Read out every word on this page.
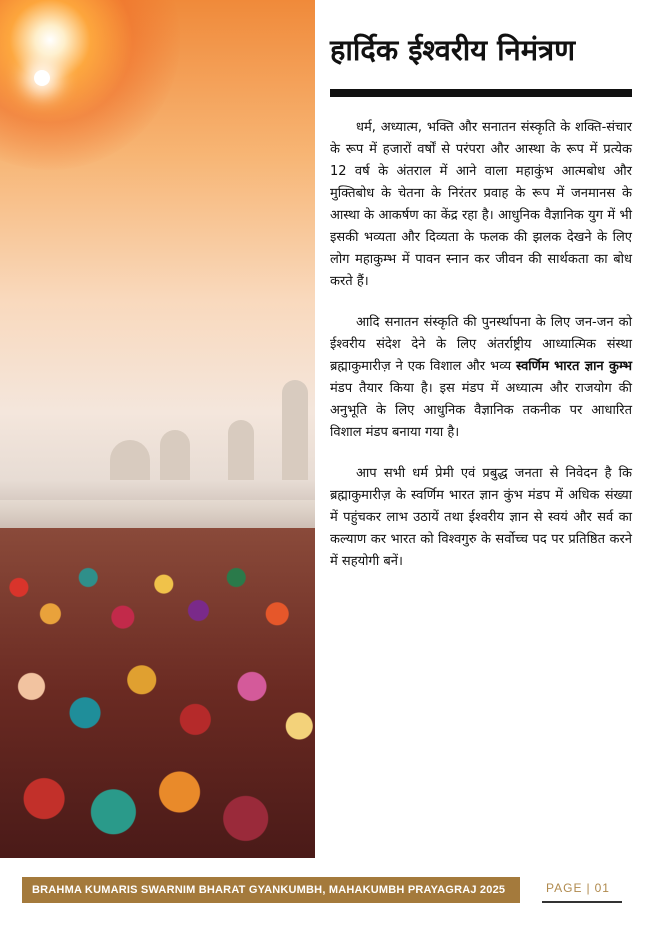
हार्दिक ईश्वरीय निमंत्रण

धर्म, अध्यात्म, भक्ति और सनातन संस्कृति के शक्ति-संचार के रूप में हजारों वर्षों से परंपरा और आस्था के रूप में प्रत्येक 12 वर्ष के अंतराल में आने वाला महाकुंभ आत्मबोध और मुक्तिबोध के चेतना के निरंतर प्रवाह के रूप में जनमानस के आस्था के आकर्षण का केंद्र रहा है। आधुनिक वैज्ञानिक युग में भी इसकी भव्यता और दिव्यता के फलक की झलक देखने के लिए लोग महाकुम्भ में पावन स्नान कर जीवन की सार्थकता का बोध करते हैं।

आदि सनातन संस्कृति की पुनर्स्थापना के लिए जन-जन को ईश्वरीय संदेश देने के लिए अंतर्राष्ट्रीय आध्यात्मिक संस्था ब्रह्माकुमारीज़ ने एक विशाल और भव्य स्वर्णिम भारत ज्ञान कुम्भ मंडप तैयार किया है। इस मंडप में अध्यात्म और राजयोग की अनुभूति के लिए आधुनिक वैज्ञानिक तकनीक पर आधारित विशाल मंडप बनाया गया है।

आप सभी धर्म प्रेमी एवं प्रबुद्ध जनता से निवेदन है कि ब्रह्माकुमारीज़ के स्वर्णिम भारत ज्ञान कुंभ मंडप में अधिक संख्या में पहुंचकर लाभ उठायें तथा ईश्वरीय ज्ञान से स्वयं और सर्व का कल्याण कर भारत को विश्वगुरु के सर्वोच्च पद पर प्रतिष्ठित करने में सहयोगी बनें।

BRAHMA KUMARIS SWARNIM BHARAT GYANKUMBH, MAHAKUMBH PRAYAGRAJ 2025	PAGE | 01
